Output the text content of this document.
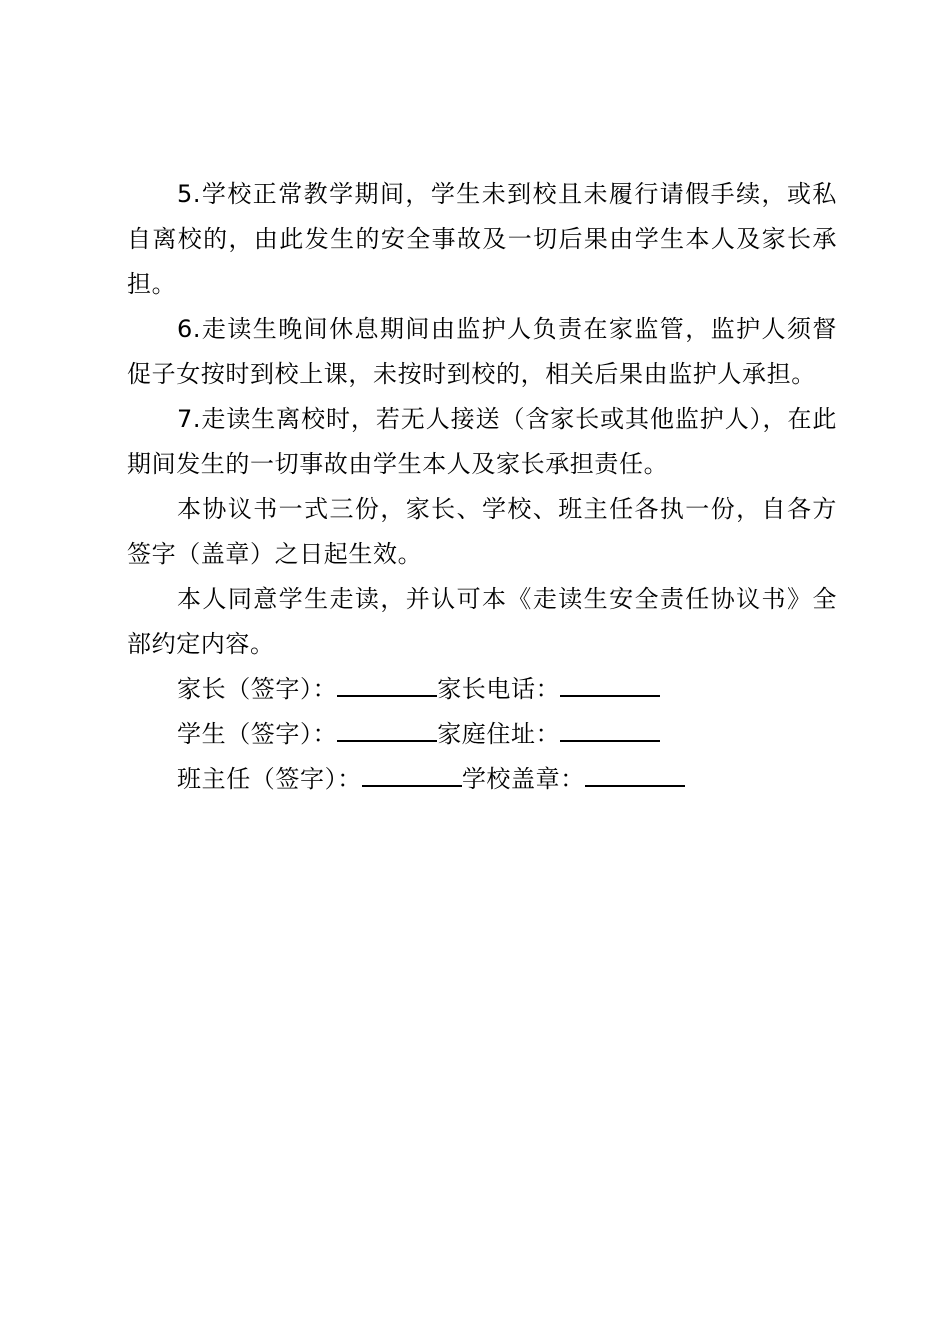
5.学校正常教学期间，学生未到校且未履行请假手续，或私自离校的，由此发生的安全事故及一切后果由学生本人及家长承担。

6.走读生晚间休息期间由监护人负责在家监管，监护人须督促子女按时到校上课，未按时到校的，相关后果由监护人承担。

7.走读生离校时，若无人接送（含家长或其他监护人），在此期间发生的一切事故由学生本人及家长承担责任。

本协议书一式三份，家长、学校、班主任各执一份，自各方签字（盖章）之日起生效。

本人同意学生走读，并认可本《走读生安全责任协议书》全部约定内容。

家长（签字）：	家长电话：
学生（签字）：	家庭住址：
班主任（签字）：	学校盖章：
